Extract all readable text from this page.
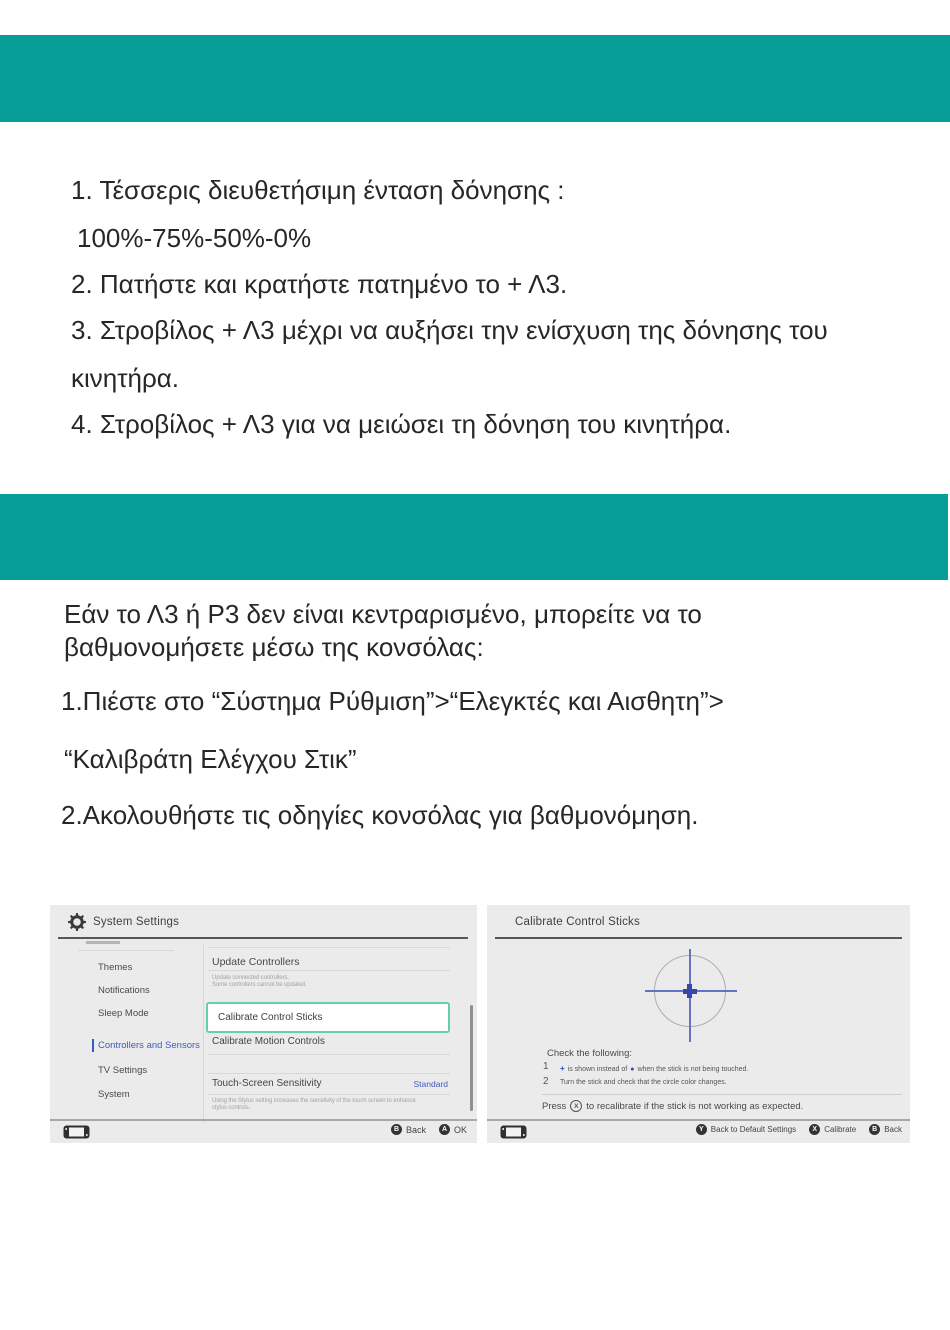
1. Τέσσερις διευθετήσιμη ένταση δόνησης :
100%-75%-50%-0%
2. Πατήστε και κρατήστε πατημένο το + Λ3.
3. Στροβίλος + Λ3 μέχρι να αυξήσει την ενίσχυση της δόνησης του
κινητήρα.
4. Στροβίλος + Λ3 για να μειώσει τη δόνηση του κινητήρα.
Εάν το Λ3 ή Ρ3 δεν είναι κεντραρισμένο, μπορείτε να το
βαθμονομήσετε μέσω της κονσόλας:
1.Πιέστε στο “Σύστημα Ρύθμιση”>“Ελεγκτές και Αισθητη”>
“Καλιβράτη Ελέγχου Στικ”
2.Ακολουθήστε τις οδηγίες κονσόλας για βαθμονόμηση.
System Settings
Themes
Notifications
Sleep Mode
Controllers and Sensors
TV Settings
System
Update Controllers
Update connected controllers.
Some controllers cannot be updated.
Calibrate Control Sticks
Calibrate Motion Controls
Touch-Screen Sensitivity	Standard
Using the Stylus setting increases the sensitivity of the touch screen to enhance
stylus controls.
B Back	A OK
Calibrate Control Sticks
Check the following:
1 + is shown instead of ● when the stick is not being touched.
2 Turn the stick and check that the circle color changes.
Press	X to recalibrate if the stick is not working as expected.
Y Back to Default Settings	X Calibrate	B Back
